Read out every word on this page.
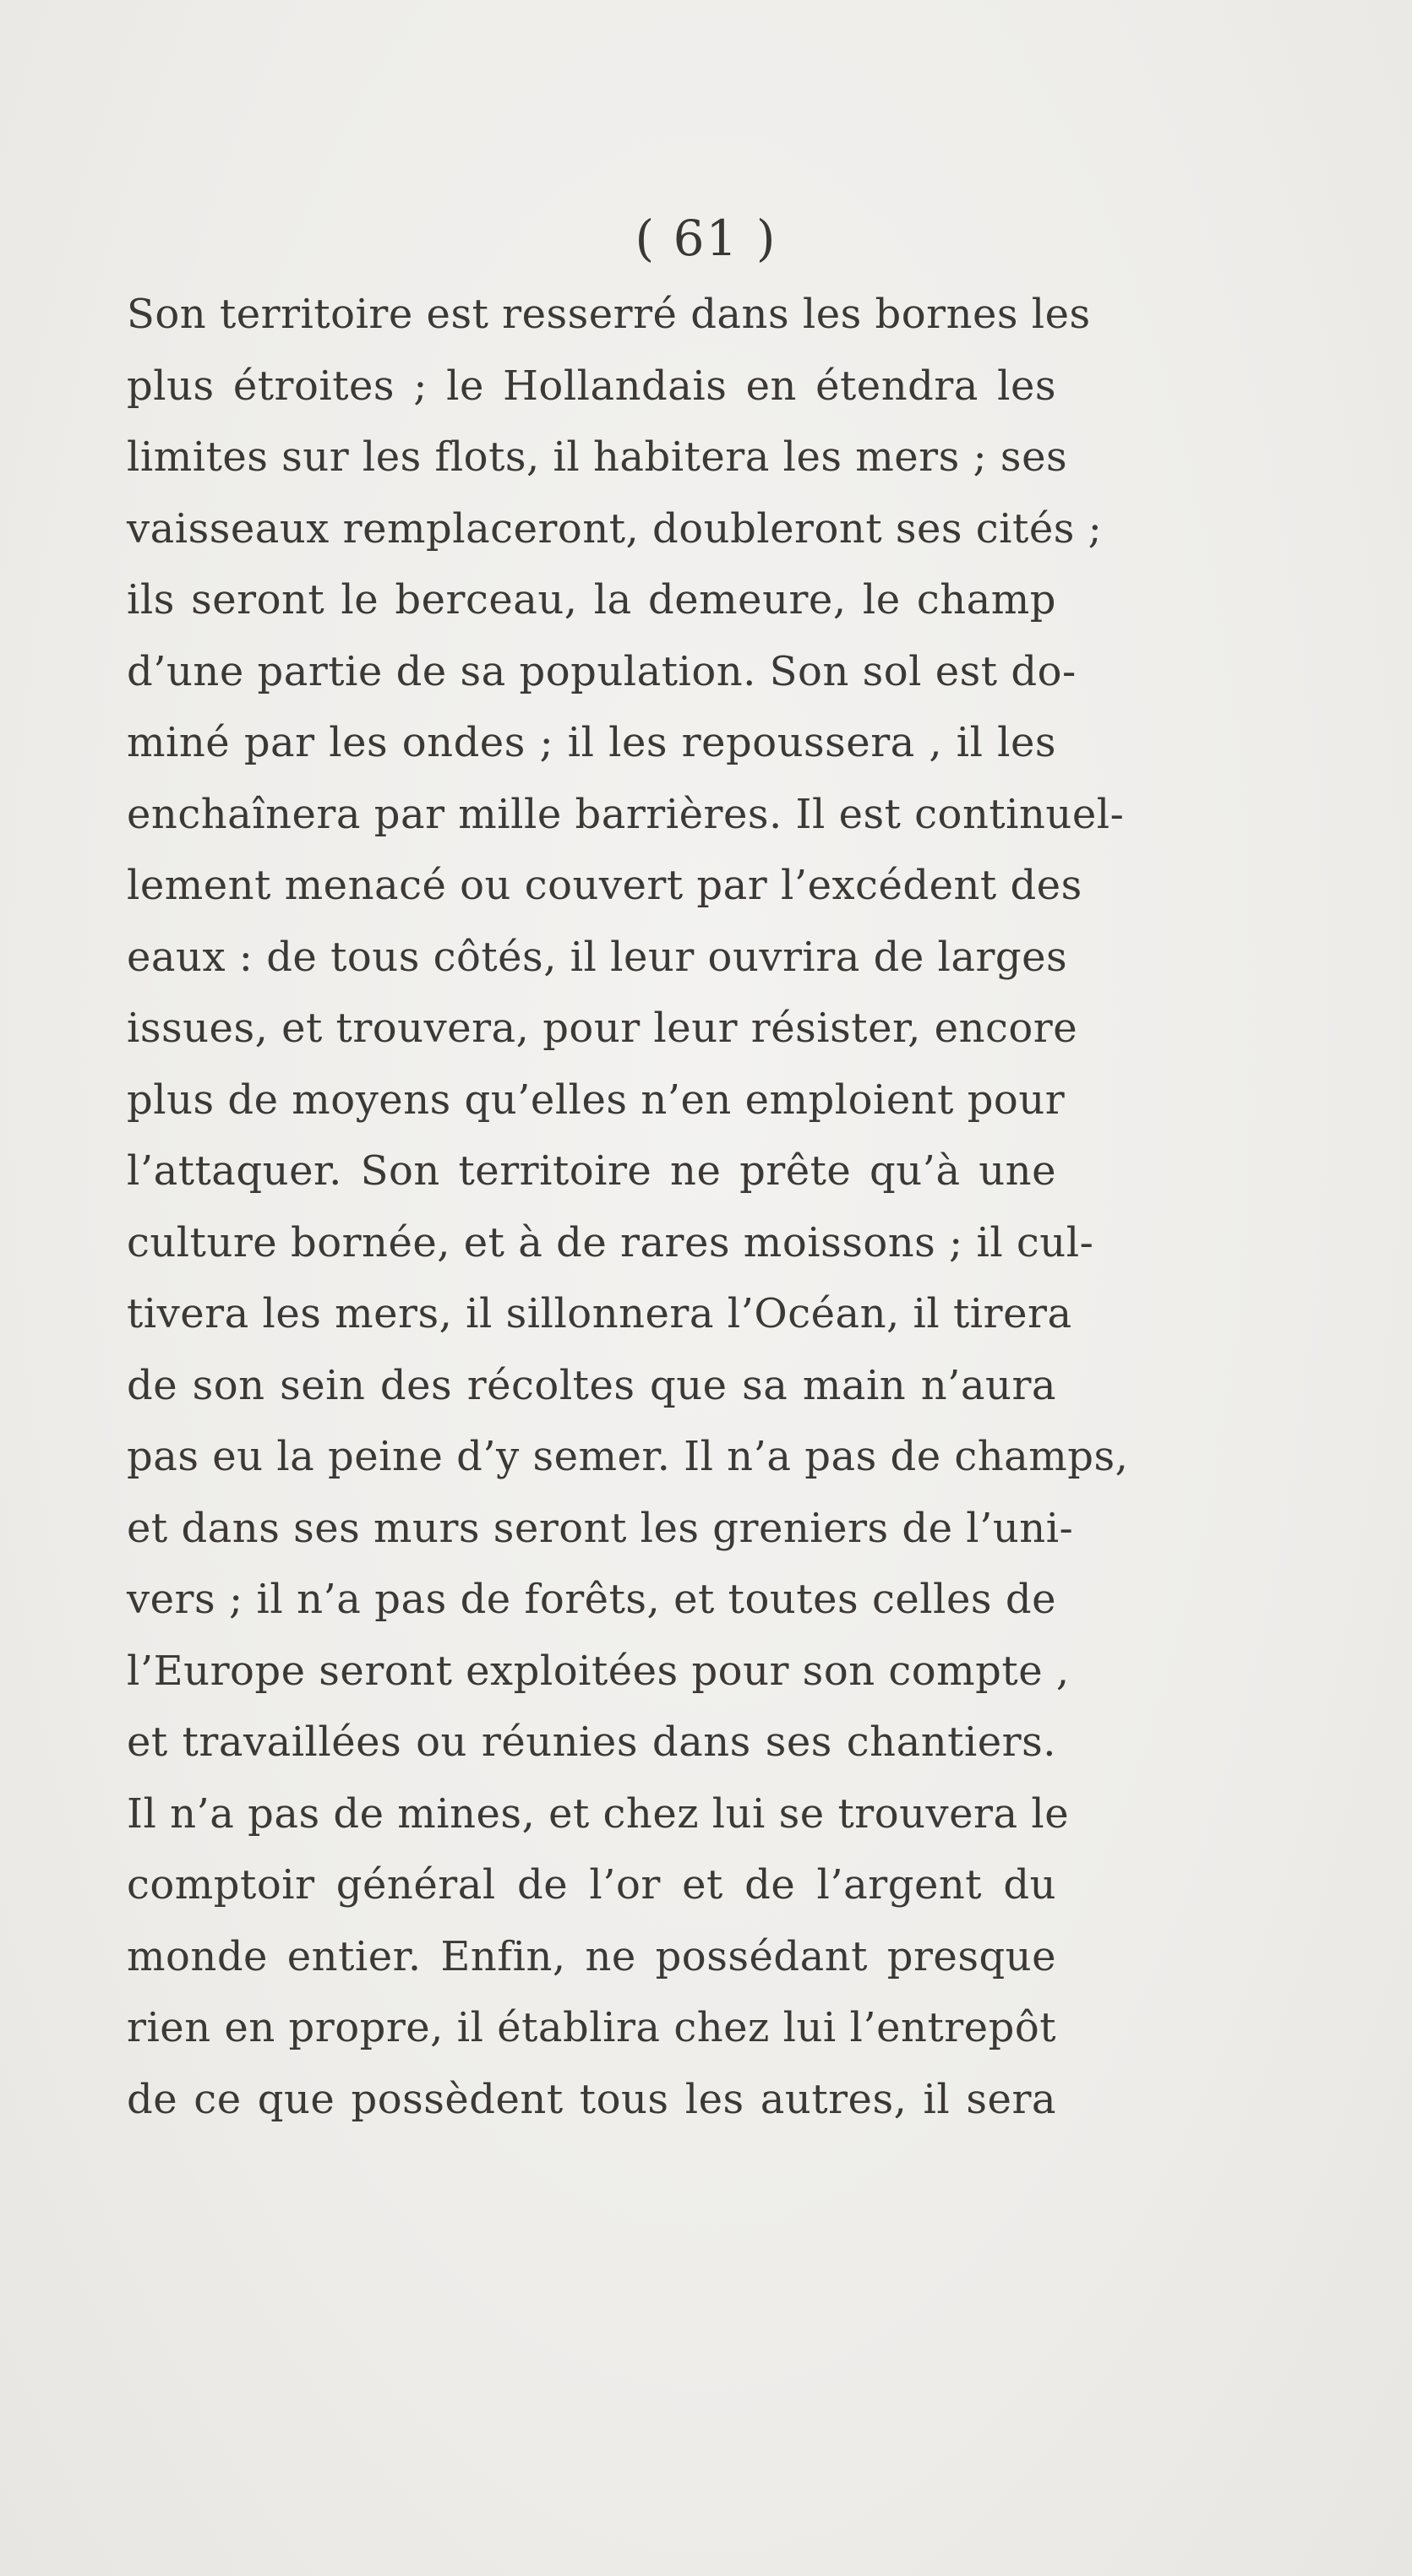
( 61 )
Son territoire est resserré dans les bornes les
plus étroites ; le Hollandais en étendra les
limites sur les flots, il habitera les mers ; ses
vaisseaux remplaceront, doubleront ses cités ;
ils seront le berceau, la demeure, le champ
d’une partie de sa population. Son sol est do-
miné par les ondes ; il les repoussera , il les
enchaînera par mille barrières. Il est continuel-
lement menacé ou couvert par l’excédent des
eaux : de tous côtés, il leur ouvrira de larges
issues, et trouvera, pour leur résister, encore
plus de moyens qu’elles n’en emploient pour
l’attaquer. Son territoire ne prête qu’à une
culture bornée, et à de rares moissons ; il cul-
tivera les mers, il sillonnera l’Océan, il tirera
de son sein des récoltes que sa main n’aura
pas eu la peine d’y semer. Il n’a pas de champs,
et dans ses murs seront les greniers de l’uni-
vers ; il n’a pas de forêts, et toutes celles de
l’Europe seront exploitées pour son compte ,
et travaillées ou réunies dans ses chantiers.
Il n’a pas de mines, et chez lui se trouvera le
comptoir général de l’or et de l’argent du
monde entier. Enfin, ne possédant presque
rien en propre, il établira chez lui l’entrepôt
de ce que possèdent tous les autres, il sera
